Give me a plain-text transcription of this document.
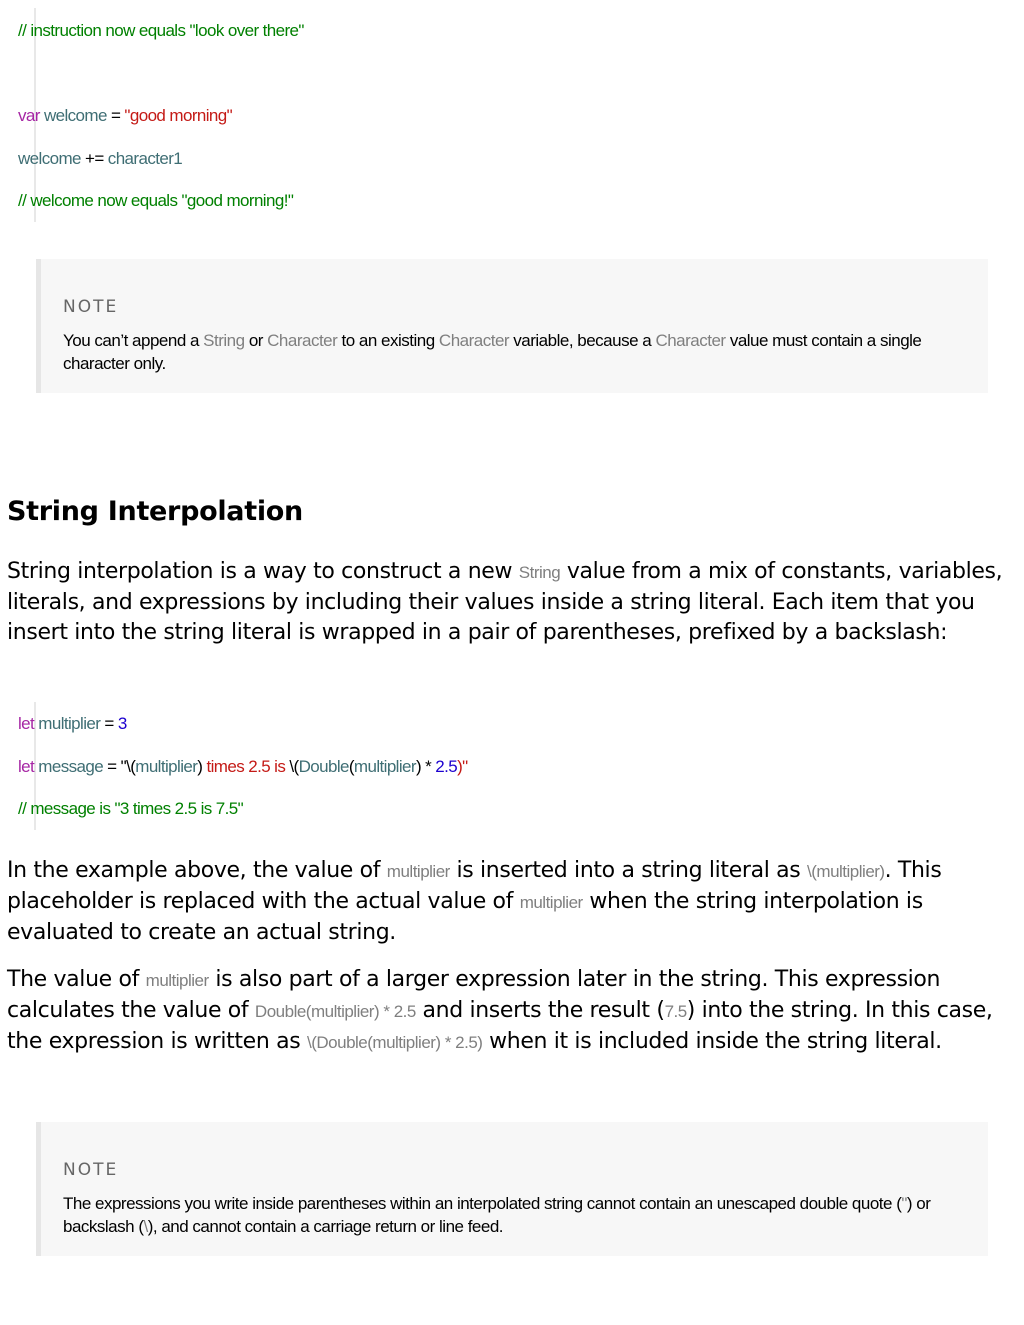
// instruction now equals "look over there"
var welcome = "good morning"
welcome += character1
// welcome now equals "good morning!"
NOTE
You can’t append a String or Character to an existing Character variable, because a Character value must contain a single character only.
String Interpolation

String interpolation is a way to construct a new String value from a mix of constants, variables, literals, and expressions by including their values inside a string literal. Each item that you insert into the string literal is wrapped in a pair of parentheses, prefixed by a backslash:

let multiplier = 3
let message = "\(multiplier) times 2.5 is \(Double(multiplier) * 2.5)"
// message is "3 times 2.5 is 7.5"

In the example above, the value of multiplier is inserted into a string literal as \(multiplier). This placeholder is replaced with the actual value of multiplier when the string interpolation is evaluated to create an actual string.

The value of multiplier is also part of a larger expression later in the string. This expression calculates the value of Double(multiplier) * 2.5 and inserts the result (7.5) into the string. In this case, the expression is written as \(Double(multiplier) * 2.5) when it is included inside the string literal.

NOTE
The expressions you write inside parentheses within an interpolated string cannot contain an unescaped double quote (") or backslash (\), and cannot contain a carriage return or line feed.
